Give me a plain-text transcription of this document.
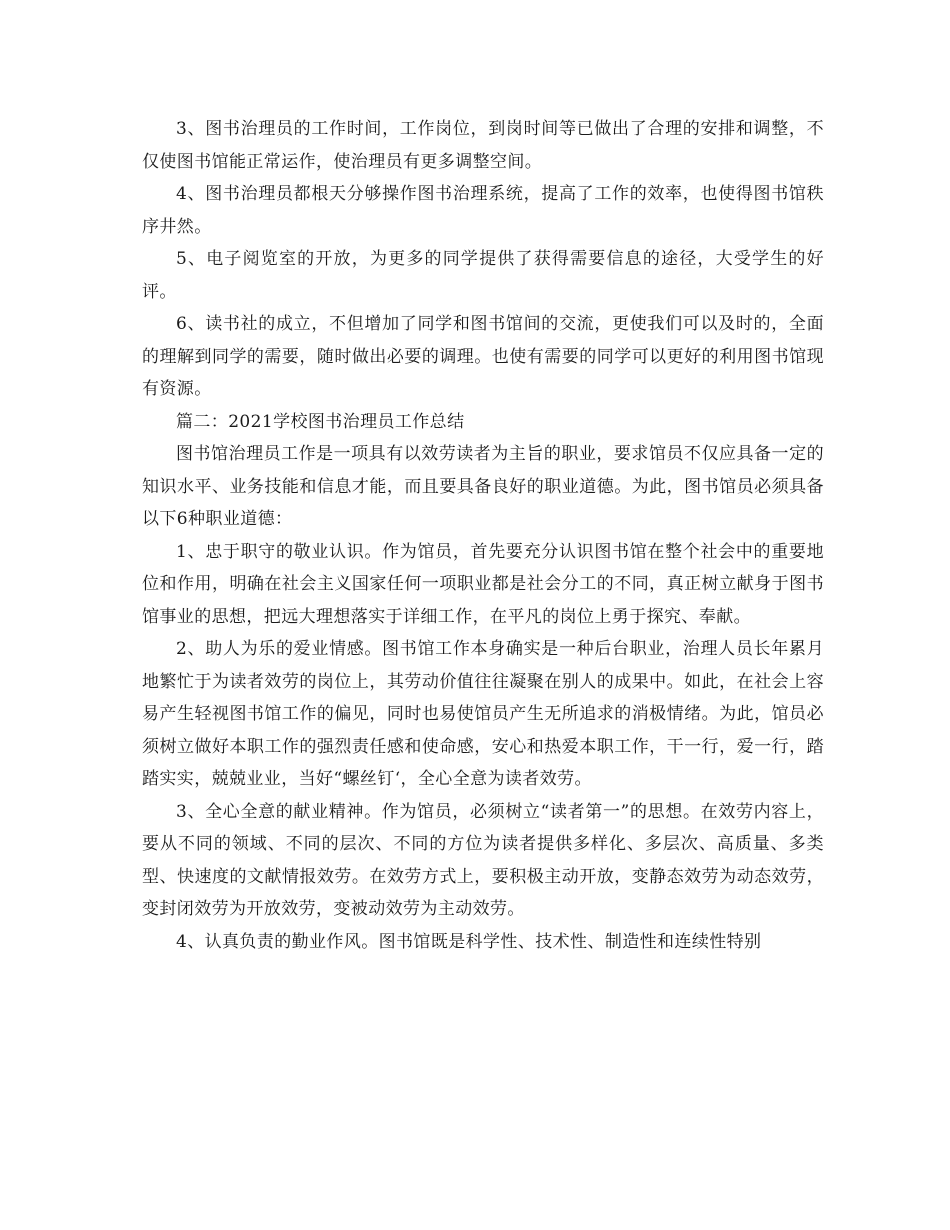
3、图书治理员的工作时间，工作岗位，到岗时间等已做出了合理的安排和调整，不仅使图书馆能正常运作，使治理员有更多调整空间。

4、图书治理员都根天分够操作图书治理系统，提高了工作的效率，也使得图书馆秩序井然。

5、电子阅览室的开放，为更多的同学提供了获得需要信息的途径，大受学生的好评。

6、读书社的成立，不但增加了同学和图书馆间的交流，更使我们可以及时的，全面的理解到同学的需要，随时做出必要的调理。也使有需要的同学可以更好的利用图书馆现有资源。

篇二：2021学校图书治理员工作总结

图书馆治理员工作是一项具有以效劳读者为主旨的职业，要求馆员不仅应具备一定的知识水平、业务技能和信息才能，而且要具备良好的职业道德。为此，图书馆员必须具备以下6种职业道德：

1、忠于职守的敬业认识。作为馆员，首先要充分认识图书馆在整个社会中的重要地位和作用，明确在社会主义国家任何一项职业都是社会分工的不同，真正树立献身于图书馆事业的思想，把远大理想落实于详细工作，在平凡的岗位上勇于探究、奉献。

2、助人为乐的爱业情感。图书馆工作本身确实是一种后台职业，治理人员长年累月地繁忙于为读者效劳的岗位上，其劳动价值往往凝聚在别人的成果中。如此，在社会上容易产生轻视图书馆工作的偏见，同时也易使馆员产生无所追求的消极情绪。为此，馆员必须树立做好本职工作的强烈责任感和使命感，安心和热爱本职工作，干一行，爱一行，踏踏实实，兢兢业业，当好“螺丝钉‘，全心全意为读者效劳。

3、全心全意的献业精神。作为馆员，必须树立“读者第一”的思想。在效劳内容上，要从不同的领域、不同的层次、不同的方位为读者提供多样化、多层次、高质量、多类型、快速度的文献情报效劳。在效劳方式上，要积极主动开放，变静态效劳为动态效劳，变封闭效劳为开放效劳，变被动效劳为主动效劳。

4、认真负责的勤业作风。图书馆既是科学性、技术性、制造性和连续性特别
